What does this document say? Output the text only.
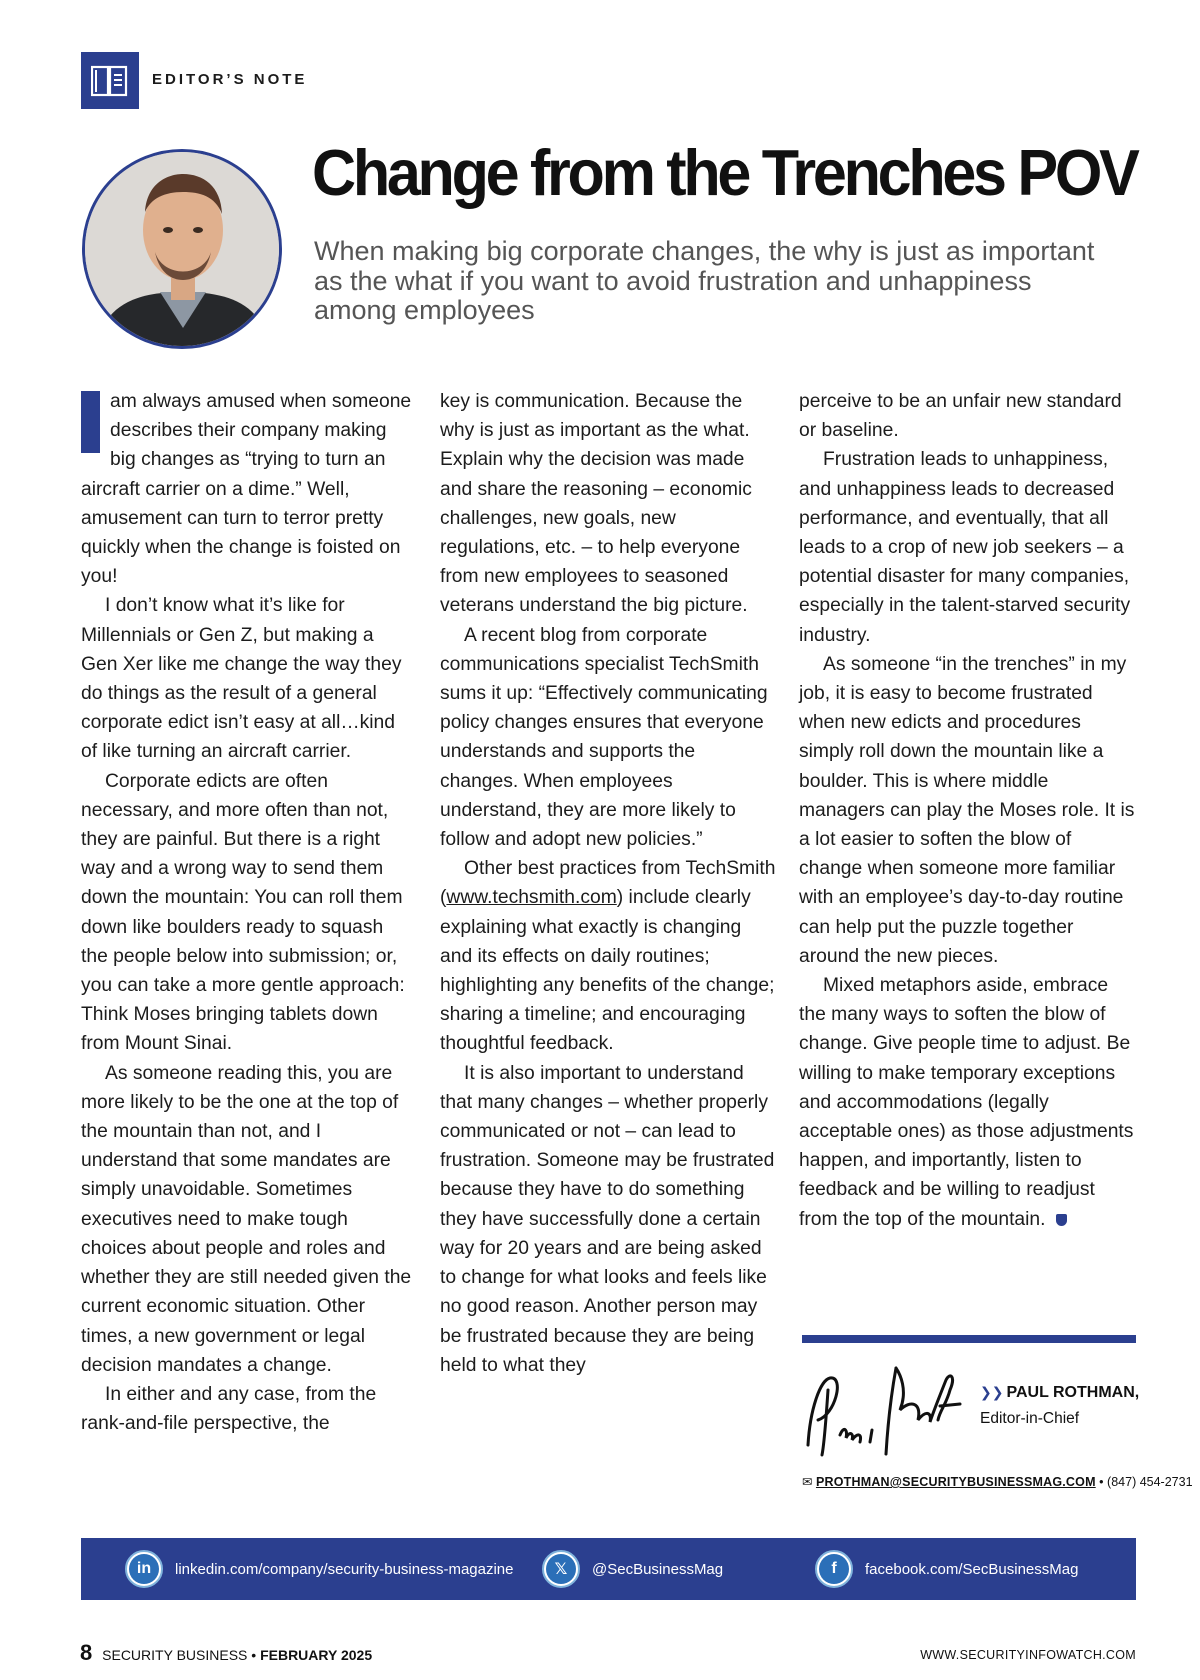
EDITOR’S NOTE
Change from the Trenches POV
When making big corporate changes, the why is just as important as the what if you want to avoid frustration and unhappiness among employees

am always amused when someone describes their company making big changes as “trying to turn an aircraft carrier on a dime.” Well, amusement can turn to terror pretty quickly when the change is foisted on you!

I don’t know what it’s like for Millennials or Gen Z, but making a Gen Xer like me change the way they do things as the result of a general corporate edict isn’t easy at all…kind of like turning an aircraft carrier.

Corporate edicts are often necessary, and more often than not, they are painful. But there is a right way and a wrong way to send them down the mountain: You can roll them down like boulders ready to squash the people below into submission; or, you can take a more gentle approach: Think Moses bringing tablets down from Mount Sinai.

As someone reading this, you are more likely to be the one at the top of the mountain than not, and I understand that some mandates are simply unavoidable. Sometimes executives need to make tough choices about people and roles and whether they are still needed given the current economic situation. Other times, a new government or legal decision mandates a change.

In either and any case, from the rank-and-file perspective, the

key is communication. Because the why is just as important as the what. Explain why the decision was made and share the reasoning – economic challenges, new goals, new regulations, etc. – to help everyone from new employees to seasoned veterans understand the big picture.

A recent blog from corporate communications specialist TechSmith sums it up: “Effectively communicating policy changes ensures that everyone understands and supports the changes. When employees understand, they are more likely to follow and adopt new policies.”

Other best practices from TechSmith (www.techsmith.com) include clearly explaining what exactly is changing and its effects on daily routines; highlighting any benefits of the change; sharing a timeline; and encouraging thoughtful feedback.

It is also important to understand that many changes – whether properly communicated or not – can lead to frustration. Someone may be frustrated because they have to do something they have successfully done a certain way for 20 years and are being asked to change for what looks and feels like no good reason. Another person may be frustrated because they are being held to what they

perceive to be an unfair new standard or baseline.

Frustration leads to unhappiness, and unhappiness leads to decreased performance, and eventually, that all leads to a crop of new job seekers – a potential disaster for many companies, especially in the talent-starved security industry.

As someone “in the trenches” in my job, it is easy to become frustrated when new edicts and procedures simply roll down the mountain like a boulder. This is where middle managers can play the Moses role. It is a lot easier to soften the blow of change when someone more familiar with an employee’s day-to-day routine can help put the puzzle together around the new pieces.

Mixed metaphors aside, embrace the many ways to soften the blow of change. Give people time to adjust. Be willing to make temporary exceptions and accommodations (legally acceptable ones) as those adjustments happen, and importantly, listen to feedback and be willing to readjust from the top of the mountain.

❯❯ PAUL ROTHMAN,
Editor-in-Chief
✉ PROTHMAN@SECURITYBUSINESSMAG.COM • (847) 454-2731
in	linkedin.com/company/security-business-magazine	𝕏	@SecBusinessMag	f	facebook.com/SecBusinessMag
8 SECURITY BUSINESS • FEBRUARY 2025	WWW.SECURITYINFOWATCH.COM
